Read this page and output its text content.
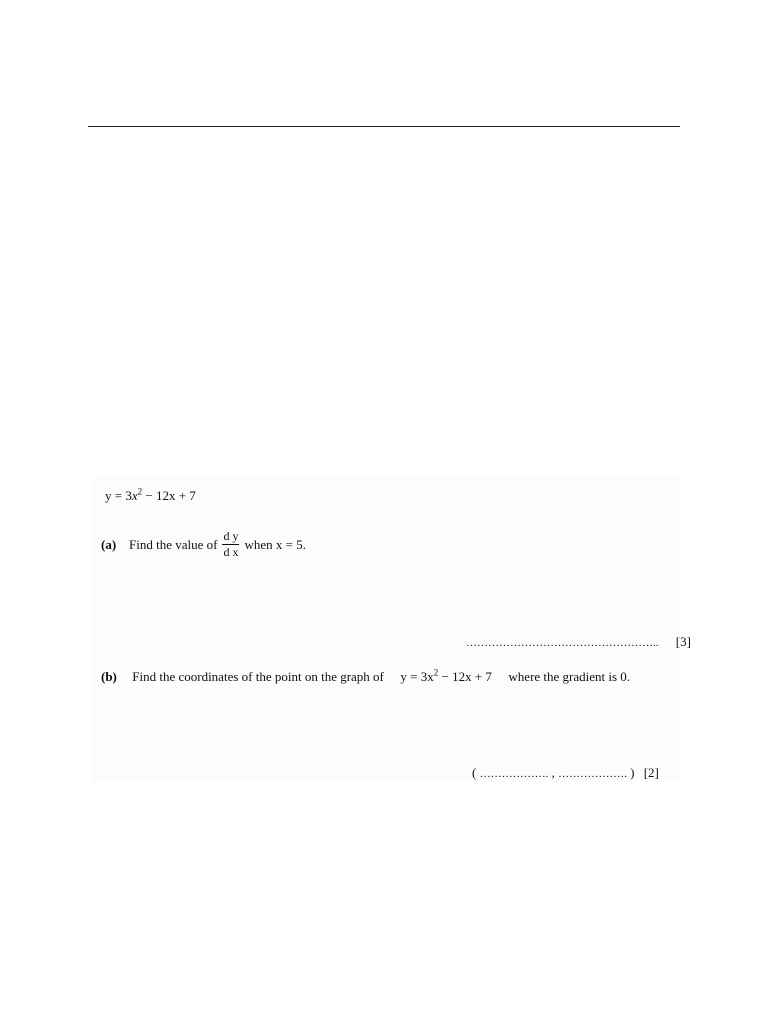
$y = 3x^2 - 12x + 7$
(a) Find the value of $\frac{\text{d y}}{\text{d x}}$ when x = 5.
…………………………………………….. [3]
(b) Find the coordinates of the point on the graph of $y = 3x^2 - 12x + 7$ where the gradient is 0.
( ………………. , ………………. ) [2]
